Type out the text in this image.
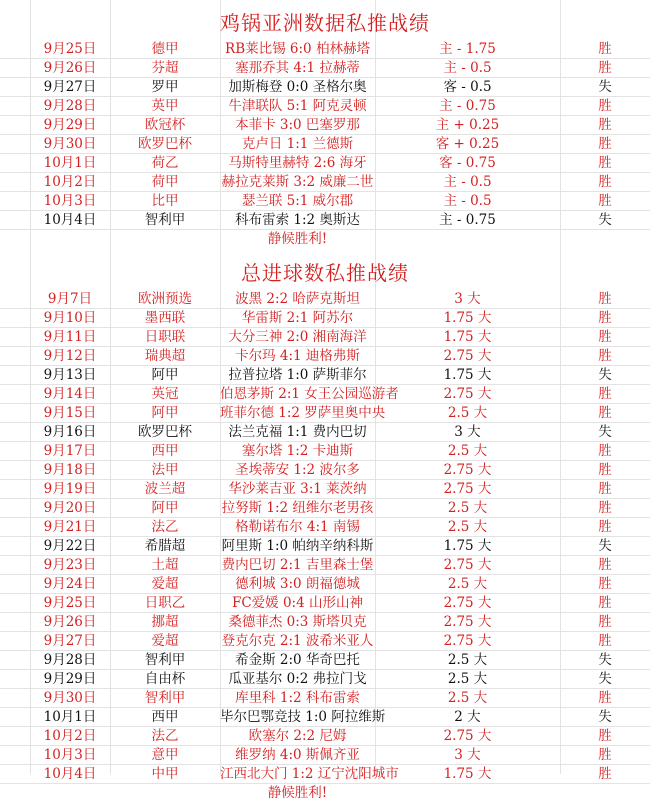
鸡锅亚洲数据私推战绩
	9月25日	德甲	RB莱比锡 6:0 柏林赫塔	主 - 1.75	胜
	9月26日	芬超	塞那乔其 4:1 拉赫蒂	主 - 0.5	胜
	9月27日	罗甲	加斯梅登 0:0 圣格尔奥	客 - 0.5	失
	9月28日	英甲	牛津联队 5:1 阿克灵顿	主 - 0.75	胜
	9月29日	欧冠杯	本菲卡 3:0 巴塞罗那	主 + 0.25	胜
	9月30日	欧罗巴杯	克卢日 1:1 兰德斯	客 + 0.25	胜
	10月1日	荷乙	马斯特里赫特 2:6 海牙	客 - 0.75	胜
	10月2日	荷甲	赫拉克莱斯 3:2 威廉二世	主 - 0.5	胜
	10月3日	比甲	瑟兰联 5:1 威尔郡	主 - 0.5	胜
	10月4日	智利甲	科布雷索 1:2 奥斯达	主 - 0.75	失
			静候胜利!		
总进球数私推战绩
	9月7日	欧洲预选	波黑 2:2 哈萨克斯坦	3 大	胜
	9月10日	墨西联	华雷斯 2:1 阿苏尔	1.75 大	胜
	9月11日	日职联	大分三神 2:0 湘南海洋	1.75 大	胜
	9月12日	瑞典超	卡尔玛 4:1 迪格弗斯	2.75 大	胜
	9月13日	阿甲	拉普拉塔 1:0 萨斯菲尔	1.75 大	失
	9月14日	英冠	伯恩茅斯 2:1 女王公园巡游者	2.75 大	胜
	9月15日	阿甲	班菲尔德 1:2 罗萨里奥中央	2.5 大	胜
	9月16日	欧罗巴杯	法兰克福 1:1 费内巴切	3 大	失
	9月17日	西甲	塞尔塔 1:2 卡迪斯	2.5 大	胜
	9月18日	法甲	圣埃蒂安 1:2 波尔多	2.75 大	胜
	9月19日	波兰超	华沙莱吉亚 3:1 莱茨纳	2.75 大	胜
	9月20日	阿甲	拉努斯 1:2 纽维尔老男孩	2.5 大	胜
	9月21日	法乙	格勒诺布尔 4:1 南锡	2.5 大	胜
	9月22日	希腊超	阿里斯 1:0 帕纳辛纳科斯	1.75 大	失
	9月23日	土超	费内巴切 2:1 吉里森士堡	2.75 大	胜
	9月24日	爱超	德利城 3:0 朗福德城	2.5 大	胜
	9月25日	日职乙	FC爱媛 0:4 山形山神	2.75 大	胜
	9月26日	挪超	桑德菲杰 0:3 斯塔贝克	2.75 大	胜
	9月27日	爱超	登克尔克 2:1 波希米亚人	2.75 大	胜
	9月28日	智利甲	希金斯 2:0 华奇巴托	2.5 大	失
	9月29日	自由杯	瓜亚基尔 0:2 弗拉门戈	2.5 大	失
	9月30日	智利甲	库里科 1:2 科布雷索	2.5 大	胜
	10月1日	西甲	毕尔巴鄂竞技 1:0 阿拉维斯	2 大	失
	10月2日	法乙	欧塞尔 2:2 尼姆	2.75 大	胜
	10月3日	意甲	维罗纳 4:0 斯佩齐亚	3 大	胜
	10月4日	中甲	江西北大门 1:2 辽宁沈阳城市	1.75 大	胜
			静候胜利!		
